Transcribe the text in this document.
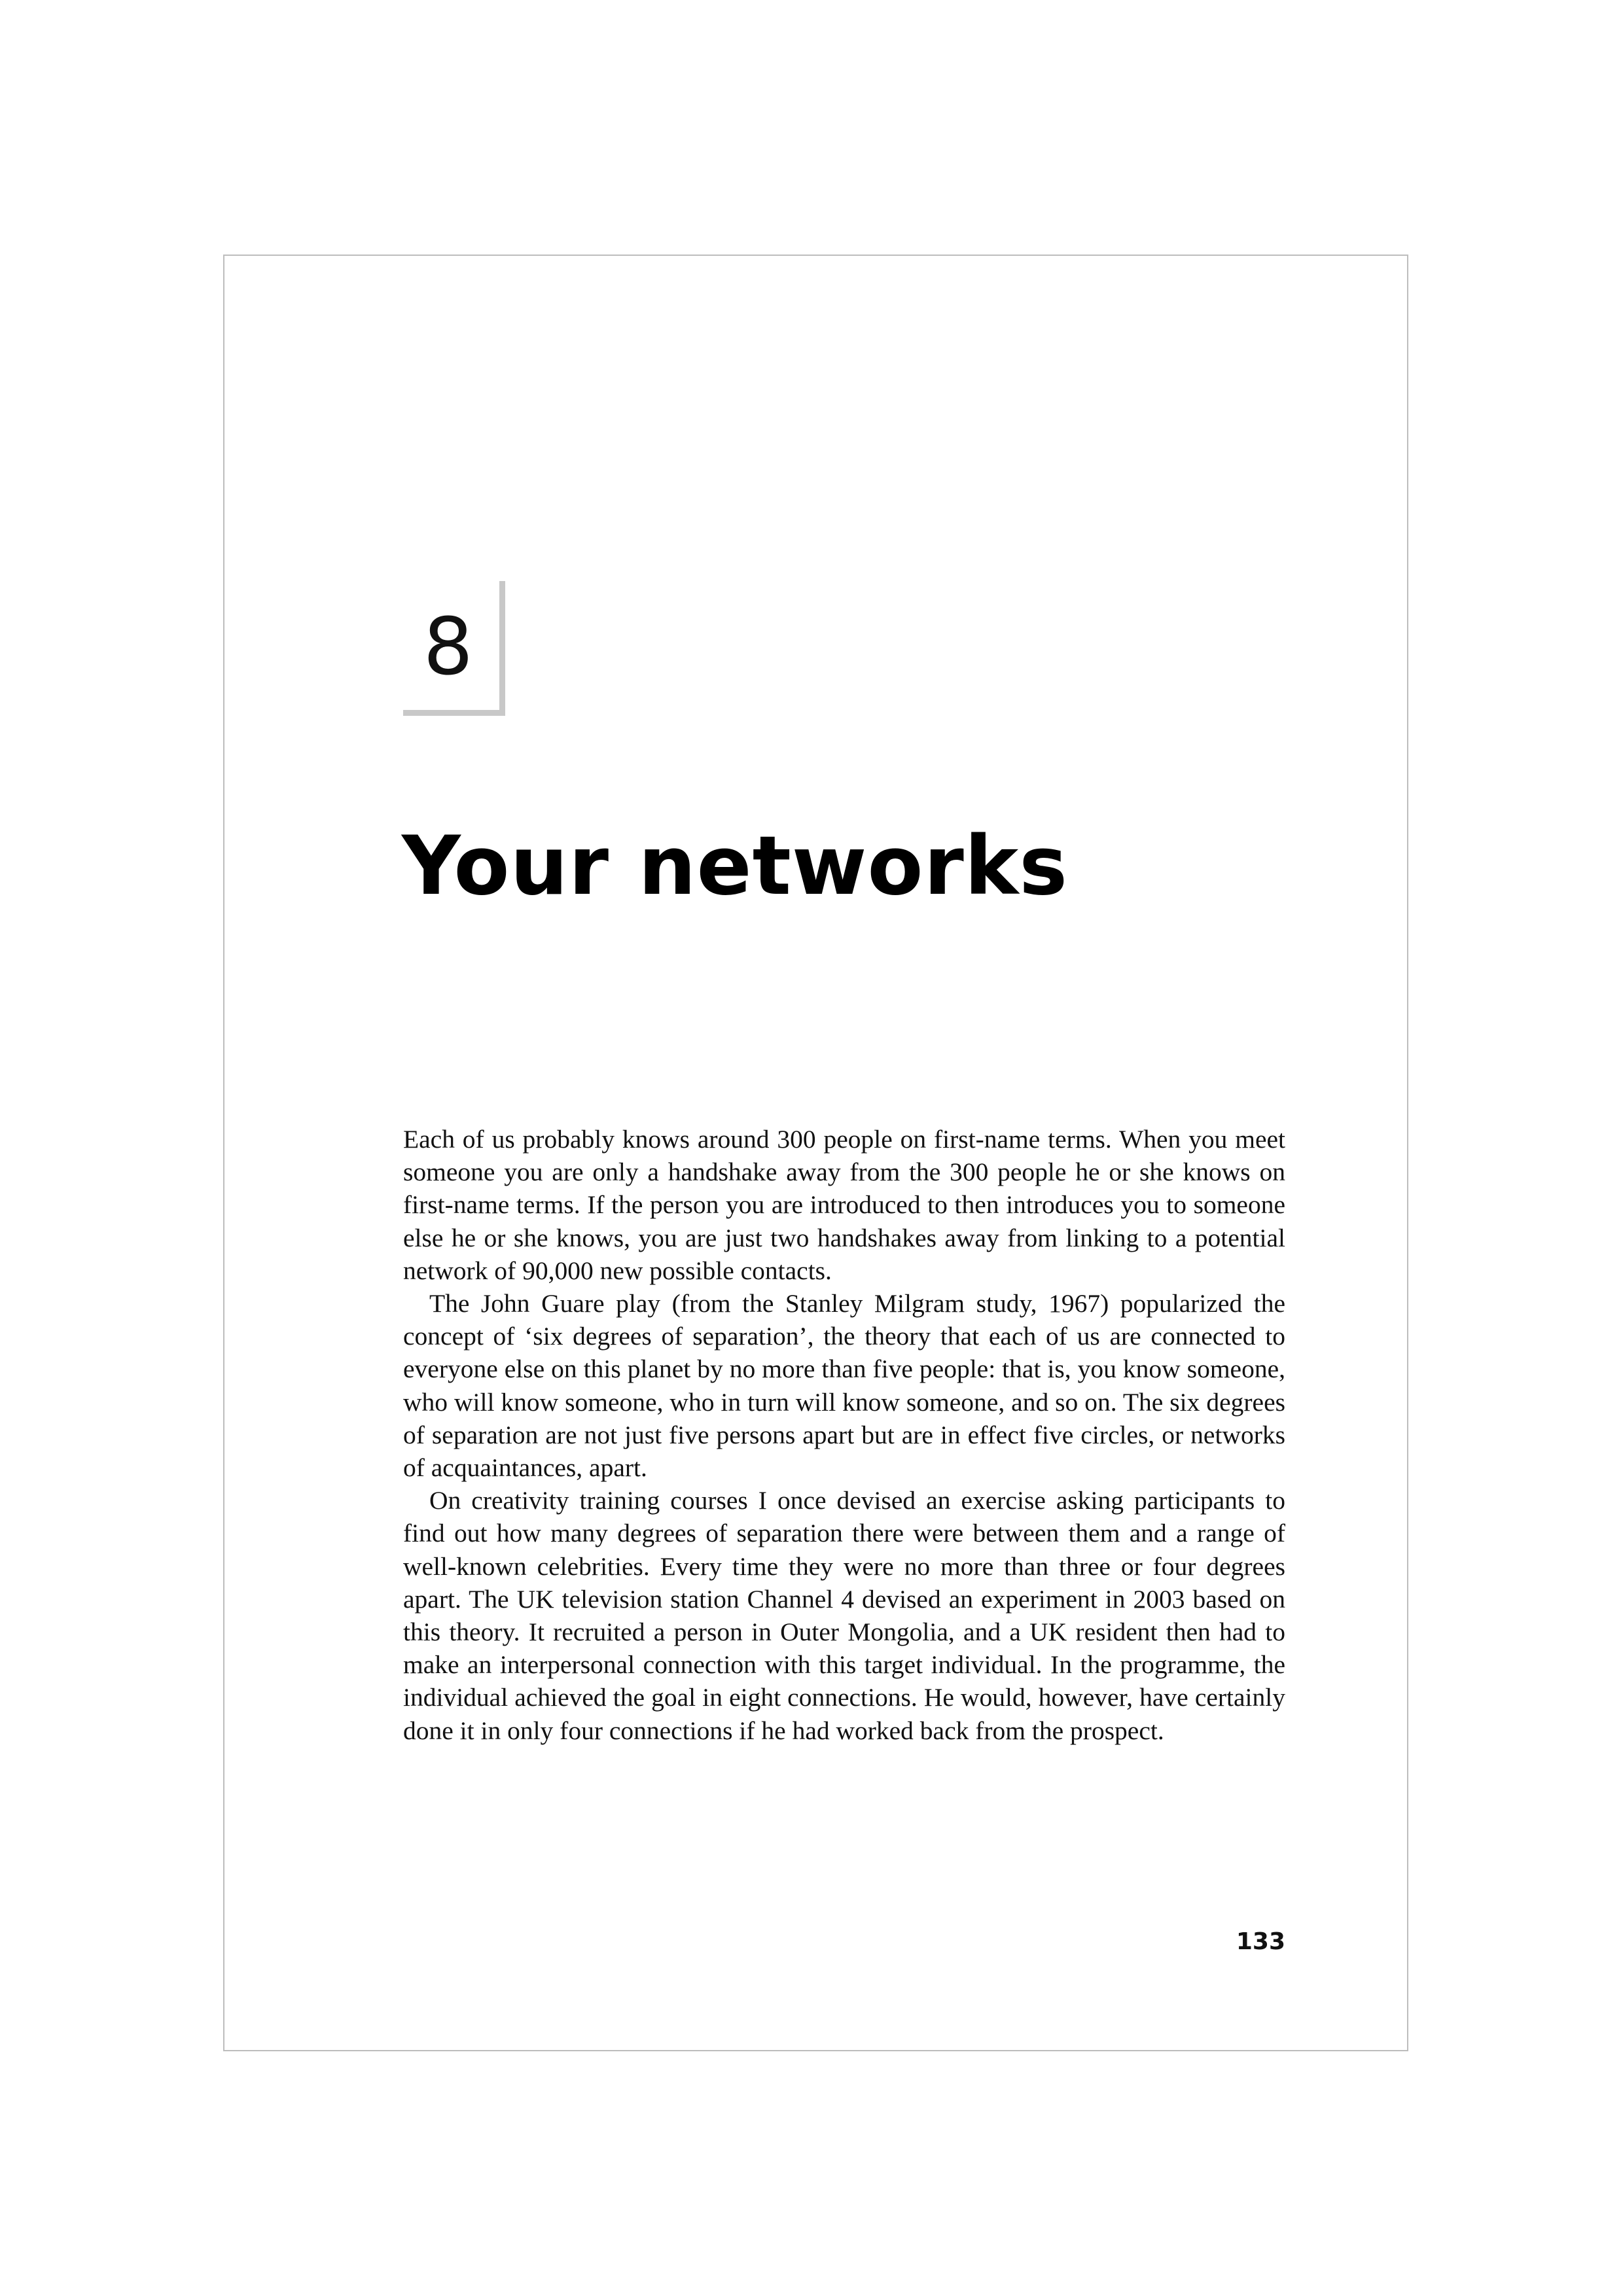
8
Your networks

Each of us probably knows around 300 people on first-name terms. When you meet someone you are only a handshake away from the 300 people he or she knows on first-name terms. If the person you are introduced to then introduces you to someone else he or she knows, you are just two handshakes away from linking to a potential network of 90,000 new possible contacts.

The John Guare play (from the Stanley Milgram study, 1967) popularized the concept of ‘six degrees of separation’, the theory that each of us are connected to everyone else on this planet by no more than five people: that is, you know someone, who will know someone, who in turn will know someone, and so on. The six degrees of separation are not just five persons apart but are in effect five circles, or networks of acquaintances, apart.

On creativity training courses I once devised an exercise asking participants to find out how many degrees of separation there were between them and a range of well-known celebrities. Every time they were no more than three or four degrees apart. The UK television station Channel 4 devised an experiment in 2003 based on this theory. It recruited a person in Outer Mongolia, and a UK resident then had to make an interpersonal connection with this target individual. In the programme, the individual achieved the goal in eight connections. He would, however, have certainly done it in only four connections if he had worked back from the prospect.

133
